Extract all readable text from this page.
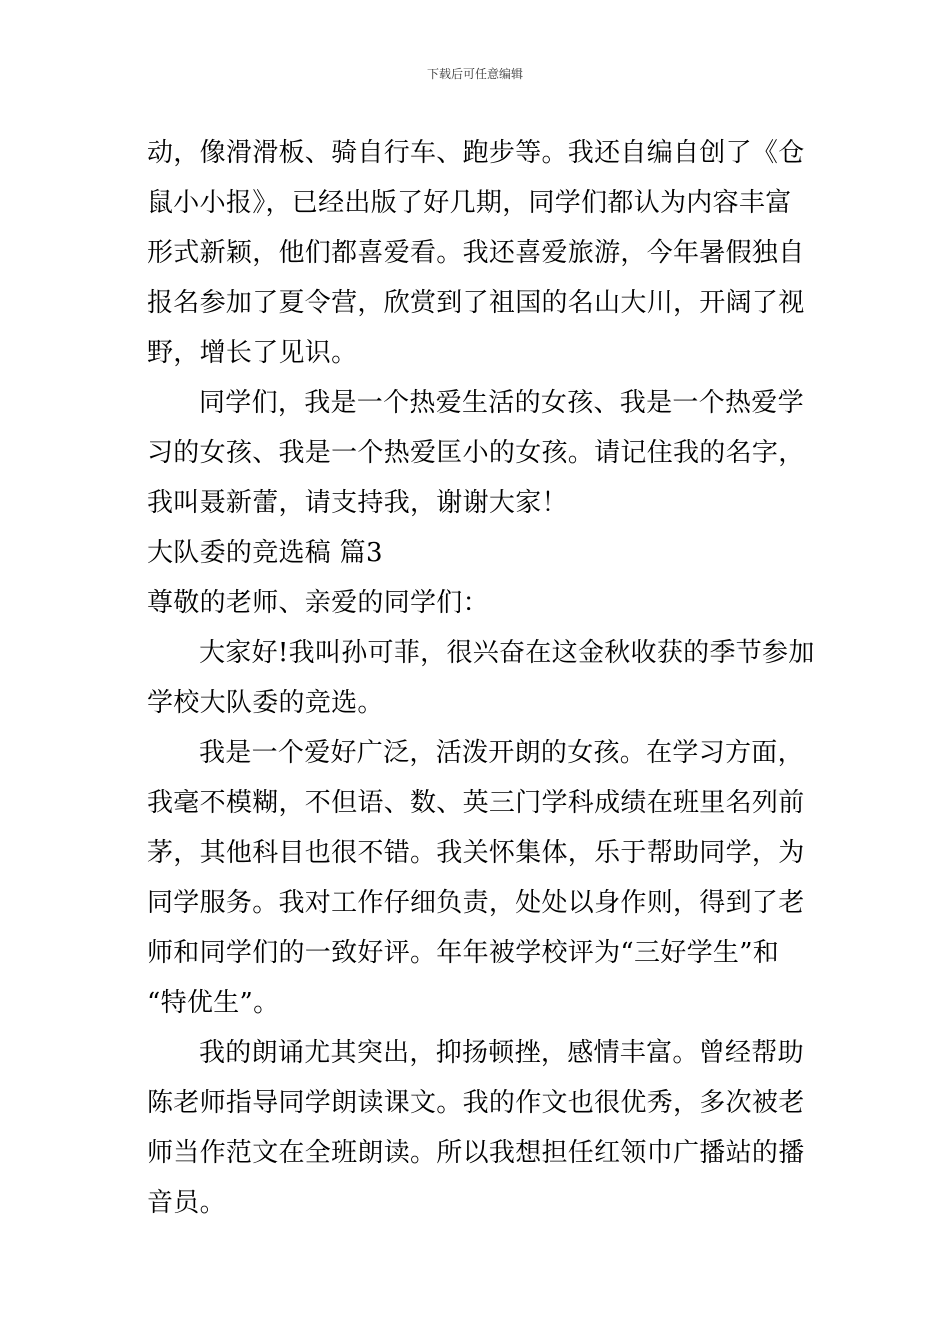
下载后可任意编辑
动，像滑滑板、骑自行车、跑步等。我还自编自创了《仓
鼠小小报》，已经出版了好几期，同学们都认为内容丰富
形式新颖，他们都喜爱看。我还喜爱旅游，今年暑假独自
报名参加了夏令营，欣赏到了祖国的名山大川，开阔了视
野，增长了见识。
同学们，我是一个热爱生活的女孩、我是一个热爱学
习的女孩、我是一个热爱匡小的女孩。请记住我的名字，
我叫聂新蕾，请支持我，谢谢大家！
大队委的竞选稿 篇3
尊敬的老师、亲爱的同学们：
大家好!我叫孙可菲，很兴奋在这金秋收获的季节参加
学校大队委的竞选。
我是一个爱好广泛，活泼开朗的女孩。在学习方面，
我毫不模糊，不但语、数、英三门学科成绩在班里名列前
茅，其他科目也很不错。我关怀集体，乐于帮助同学，为
同学服务。我对工作仔细负责，处处以身作则，得到了老
师和同学们的一致好评。年年被学校评为“三好学生”和
“特优生”。
我的朗诵尤其突出，抑扬顿挫，感情丰富。曾经帮助
陈老师指导同学朗读课文。我的作文也很优秀，多次被老
师当作范文在全班朗读。所以我想担任红领巾广播站的播
音员。
